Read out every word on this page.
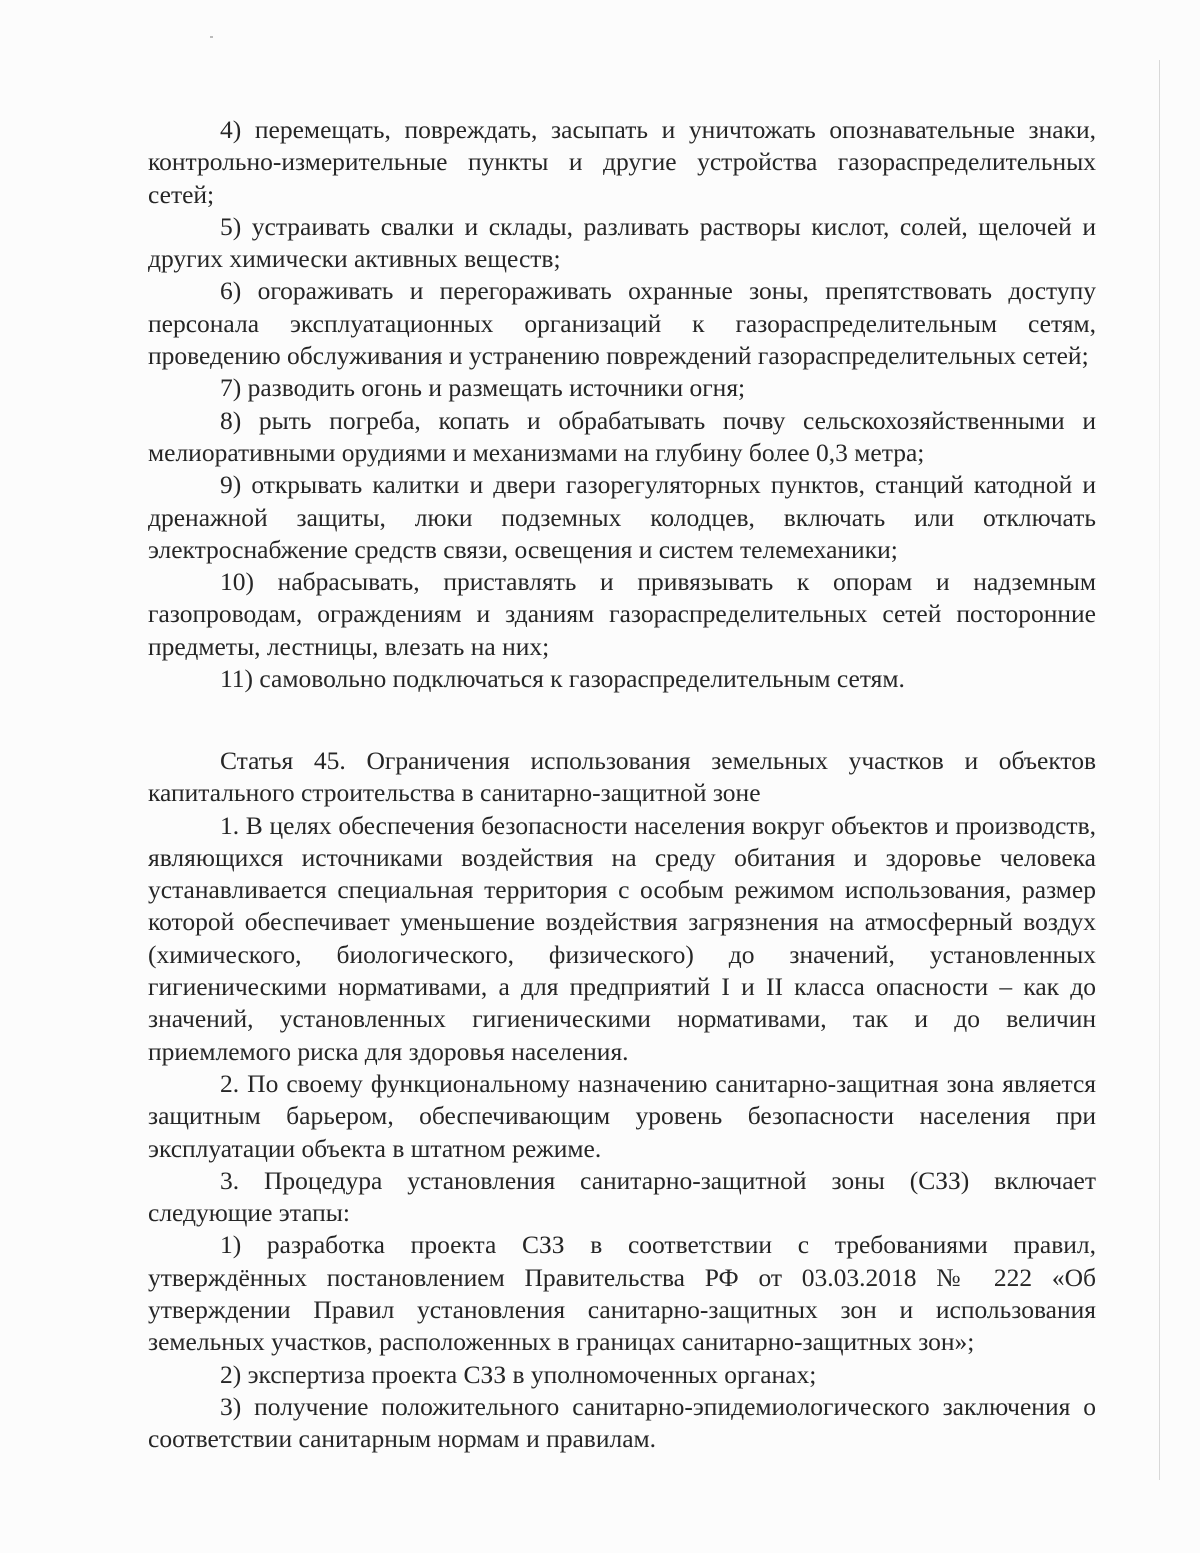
4) перемещать, повреждать, засыпать и уничтожать опознавательные знаки, контрольно-измерительные пункты и другие устройства газораспределительных сетей;

5) устраивать свалки и склады, разливать растворы кислот, солей, щелочей и других химически активных веществ;

6) огораживать и перегораживать охранные зоны, препятствовать доступу персонала эксплуатационных организаций к газораспределительным сетям, проведению обслуживания и устранению повреждений газораспределительных сетей;

7) разводить огонь и размещать источники огня;

8) рыть погреба, копать и обрабатывать почву сельскохозяйственными и мелиоративными орудиями и механизмами на глубину более 0,3 метра;

9) открывать калитки и двери газорегуляторных пунктов, станций катодной и дренажной защиты, люки подземных колодцев, включать или отключать электроснабжение средств связи, освещения и систем телемеханики;

10) набрасывать, приставлять и привязывать к опорам и надземным газопроводам, ограждениям и зданиям газораспределительных сетей посторонние предметы, лестницы, влезать на них;

11) самовольно подключаться к газораспределительным сетям.

Статья 45. Ограничения использования земельных участков и объектов капитального строительства в санитарно-защитной зоне

1. В целях обеспечения безопасности населения вокруг объектов и производств, являющихся источниками воздействия на среду обитания и здоровье человека устанавливается специальная территория с особым режимом использования, размер которой обеспечивает уменьшение воздействия загрязнения на атмосферный воздух (химического, биологического, физического) до значений, установленных гигиеническими нормативами, а для предприятий I и II класса опасности – как до значений, установленных гигиеническими нормативами, так и до величин приемлемого риска для здоровья населения.

2. По своему функциональному назначению санитарно-защитная зона является защитным барьером, обеспечивающим уровень безопасности населения при эксплуатации объекта в штатном режиме.

3. Процедура установления санитарно-защитной зоны (СЗЗ) включает следующие этапы:

1) разработка проекта СЗЗ в соответствии с требованиями правил, утверждённых постановлением Правительства РФ от 03.03.2018 № 222 «Об утверждении Правил установления санитарно-защитных зон и использования земельных участков, расположенных в границах санитарно-защитных зон»;

2) экспертиза проекта СЗЗ в уполномоченных органах;

3) получение положительного санитарно-эпидемиологического заключения о соответствии санитарным нормам и правилам.
